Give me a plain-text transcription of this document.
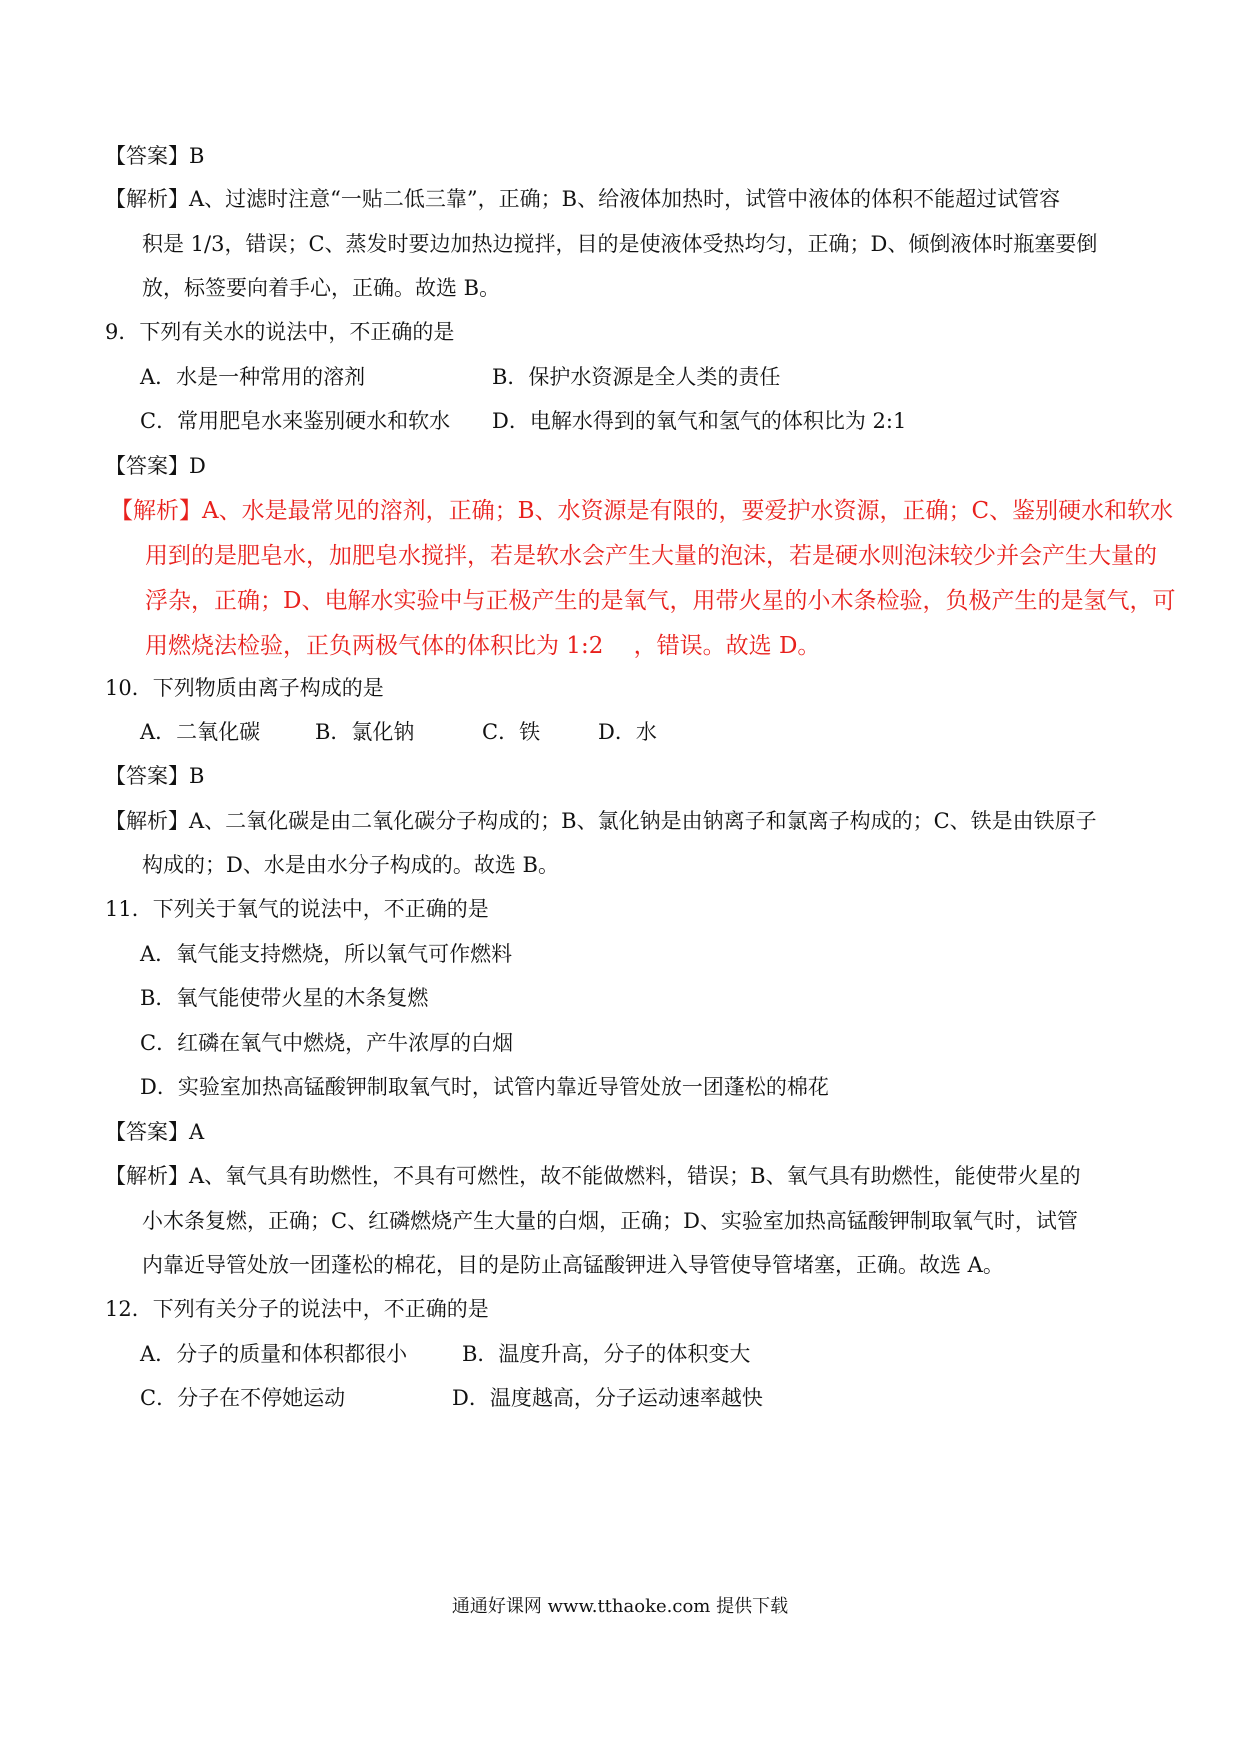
【答案】B
【解析】A、过滤时注意“一贴二低三靠”，正确；B、给液体加热时，试管中液体的体积不能超过试管容
积是 1/3，错误；C、蒸发时要边加热边搅拌，目的是使液体受热均匀，正确；D、倾倒液体时瓶塞要倒
放，标签要向着手心，正确。故选 B。
9．下列有关水的说法中，不正确的是
A．水是一种常用的溶剂	B．保护水资源是全人类的责任
C．常用肥皂水来鉴别硬水和软水 D．电解水得到的氧气和氢气的体积比为 2:1
【答案】D
【解析】A、水是最常见的溶剂，正确；B、水资源是有限的，要爱护水资源，正确；C、鉴别硬水和软水
用到的是肥皂水，加肥皂水搅拌，若是软水会产生大量的泡沫，若是硬水则泡沫较少并会产生大量的
浮杂，正确；D、电解水实验中与正极产生的是氧气，用带火星的小木条检验，负极产生的是氢气，可
用燃烧法检验，正负两极气体的体积比为 1:2 　，错误。故选 D。
10．下列物质由离子构成的是
A．二氧化碳	B．氯化钠	C．铁	D．水
【答案】B
【解析】A、二氧化碳是由二氧化碳分子构成的；B、氯化钠是由钠离子和氯离子构成的；C、铁是由铁原子
构成的；D、水是由水分子构成的。故选 B。
11．下列关于氧气的说法中，不正确的是
A．氧气能支持燃烧，所以氧气可作燃料
B．氧气能使带火星的木条复燃
C．红磷在氧气中燃烧，产牛浓厚的白烟
D．实验室加热高锰酸钾制取氧气时，试管内靠近导管处放一团蓬松的棉花
【答案】A
【解析】A、氧气具有助燃性，不具有可燃性，故不能做燃料，错误；B、氧气具有助燃性，能使带火星的
小木条复燃，正确；C、红磷燃烧产生大量的白烟，正确；D、实验室加热高锰酸钾制取氧气时，试管
内靠近导管处放一团蓬松的棉花，目的是防止高锰酸钾进入导管使导管堵塞，正确。故选 A。
12．下列有关分子的说法中，不正确的是
A．分子的质量和体积都很小	B．温度升高，分子的体积变大
C．分子在不停她运动	D．温度越高，分子运动速率越快
通通好课网 www.tthaoke.com 提供下载
